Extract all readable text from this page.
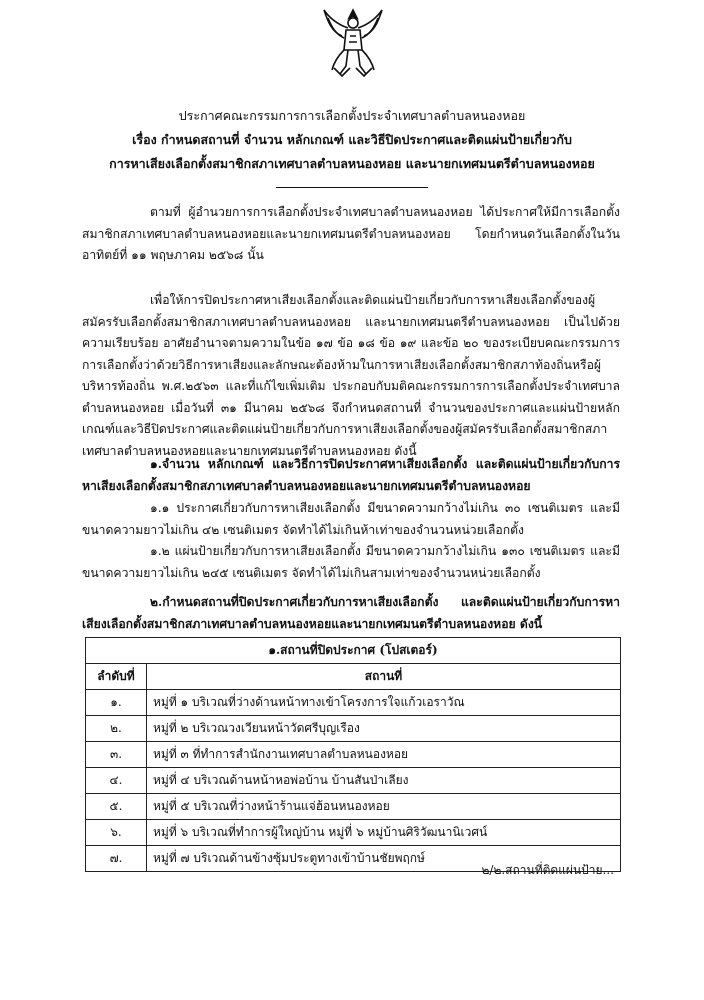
ประกาศคณะกรรมการการเลือกตั้งประจำเทศบาลตำบลหนองหอย
เรื่อง กำหนดสถานที่ จำนวน หลักเกณฑ์ และวิธีปิดประกาศและติดแผ่นป้ายเกี่ยวกับ
การหาเสียงเลือกตั้งสมาชิกสภาเทศบาลตำบลหนองหอย และนายกเทศมนตรีตำบลหนองหอย

ตามที่ ผู้อำนวยการการเลือกตั้งประจำเทศบาลตำบลหนองหอย ได้ประกาศให้มีการเลือกตั้งสมาชิกสภาเทศบาลตำบลหนองหอยและนายกเทศมนตรีตำบลหนองหอย โดยกำหนดวันเลือกตั้งในวันอาทิตย์ที่ ๑๑ พฤษภาคม ๒๕๖๘ นั้น

เพื่อให้การปิดประกาศหาเสียงเลือกตั้งและติดแผ่นป้ายเกี่ยวกับการหาเสียงเลือกตั้งของผู้สมัครรับเลือกตั้งสมาชิกสภาเทศบาลตำบลหนองหอย และนายกเทศมนตรีตำบลหนองหอย เป็นไปด้วยความเรียบร้อย อาศัยอำนาจตามความในข้อ ๑๗ ข้อ ๑๘ ข้อ ๑๙ และข้อ ๒๐ ของระเบียบคณะกรรมการการเลือกตั้งว่าด้วยวิธีการหาเสียงและลักษณะต้องห้ามในการหาเสียงเลือกตั้งสมาชิกสภาท้องถิ่นหรือผู้บริหารท้องถิ่น พ.ศ.๒๕๖๓ และที่แก้ไขเพิ่มเติม ประกอบกับมติคณะกรรมการการเลือกตั้งประจำเทศบาลตำบลหนองหอย เมื่อวันที่ ๓๑ มีนาคม ๒๕๖๘ จึงกำหนดสถานที่ จำนวนของประกาศและแผ่นป้ายหลักเกณฑ์และวิธีปิดประกาศและติดแผ่นป้ายเกี่ยวกับการหาเสียงเลือกตั้งของผู้สมัครรับเลือกตั้งสมาชิกสภาเทศบาลตำบลหนองหอยและนายกเทศมนตรีตำบลหนองหอย ดังนี้

๑.จำนวน หลักเกณฑ์ และวิธีการปิดประกาศหาเสียงเลือกตั้ง และติดแผ่นป้ายเกี่ยวกับการหาเสียงเลือกตั้งสมาชิกสภาเทศบาลตำบลหนองหอยและนายกเทศมนตรีตำบลหนองหอย

๑.๑ ประกาศเกี่ยวกับการหาเสียงเลือกตั้ง มีขนาดความกว้างไม่เกิน ๓๐ เซนติเมตร และมีขนาดความยาวไม่เกิน ๔๒ เซนติเมตร จัดทำได้ไม่เกินห้าเท่าของจำนวนหน่วยเลือกตั้ง

๑.๒ แผ่นป้ายเกี่ยวกับการหาเสียงเลือกตั้ง มีขนาดความกว้างไม่เกิน ๑๓๐ เซนติเมตร และมีขนาดความยาวไม่เกิน ๒๔๕ เซนติเมตร จัดทำได้ไม่เกินสามเท่าของจำนวนหน่วยเลือกตั้ง

๒.กำหนดสถานที่ปิดประกาศเกี่ยวกับการหาเสียงเลือกตั้ง และติดแผ่นป้ายเกี่ยวกับการหาเสียงเลือกตั้งสมาชิกสภาเทศบาลตำบลหนองหอยและนายกเทศมนตรีตำบลหนองหอย ดังนี้

๑.สถานที่ปิดประกาศ (โปสเตอร์)	
ลำดับที่	สถานที่
๑.	หมู่ที่ ๑ บริเวณที่ว่างด้านหน้าทางเข้าโครงการใจแก้วเอราวัณ
๒.	หมู่ที่ ๒ บริเวณวงเวียนหน้าวัดศรีบุญเรือง
๓.	หมู่ที่ ๓ ที่ทำการสำนักงานเทศบาลตำบลหนองหอย
๔.	หมู่ที่ ๔ บริเวณด้านหน้าหอพ่อบ้าน บ้านสันป่าเลียง
๕.	หมู่ที่ ๕ บริเวณที่ว่างหน้าร้านแจ่ฮ้อนหนองหอย
๖.	หมู่ที่ ๖ บริเวณที่ทำการผู้ใหญ่บ้าน หมู่ที่ ๖ หมู่บ้านศิริวัฒนานิเวศน์
๗.	หมู่ที่ ๗ บริเวณด้านข้างซุ้มประตูทางเข้าบ้านชัยพฤกษ์
๒/๒.สถานที่ติดแผ่นป้าย...
